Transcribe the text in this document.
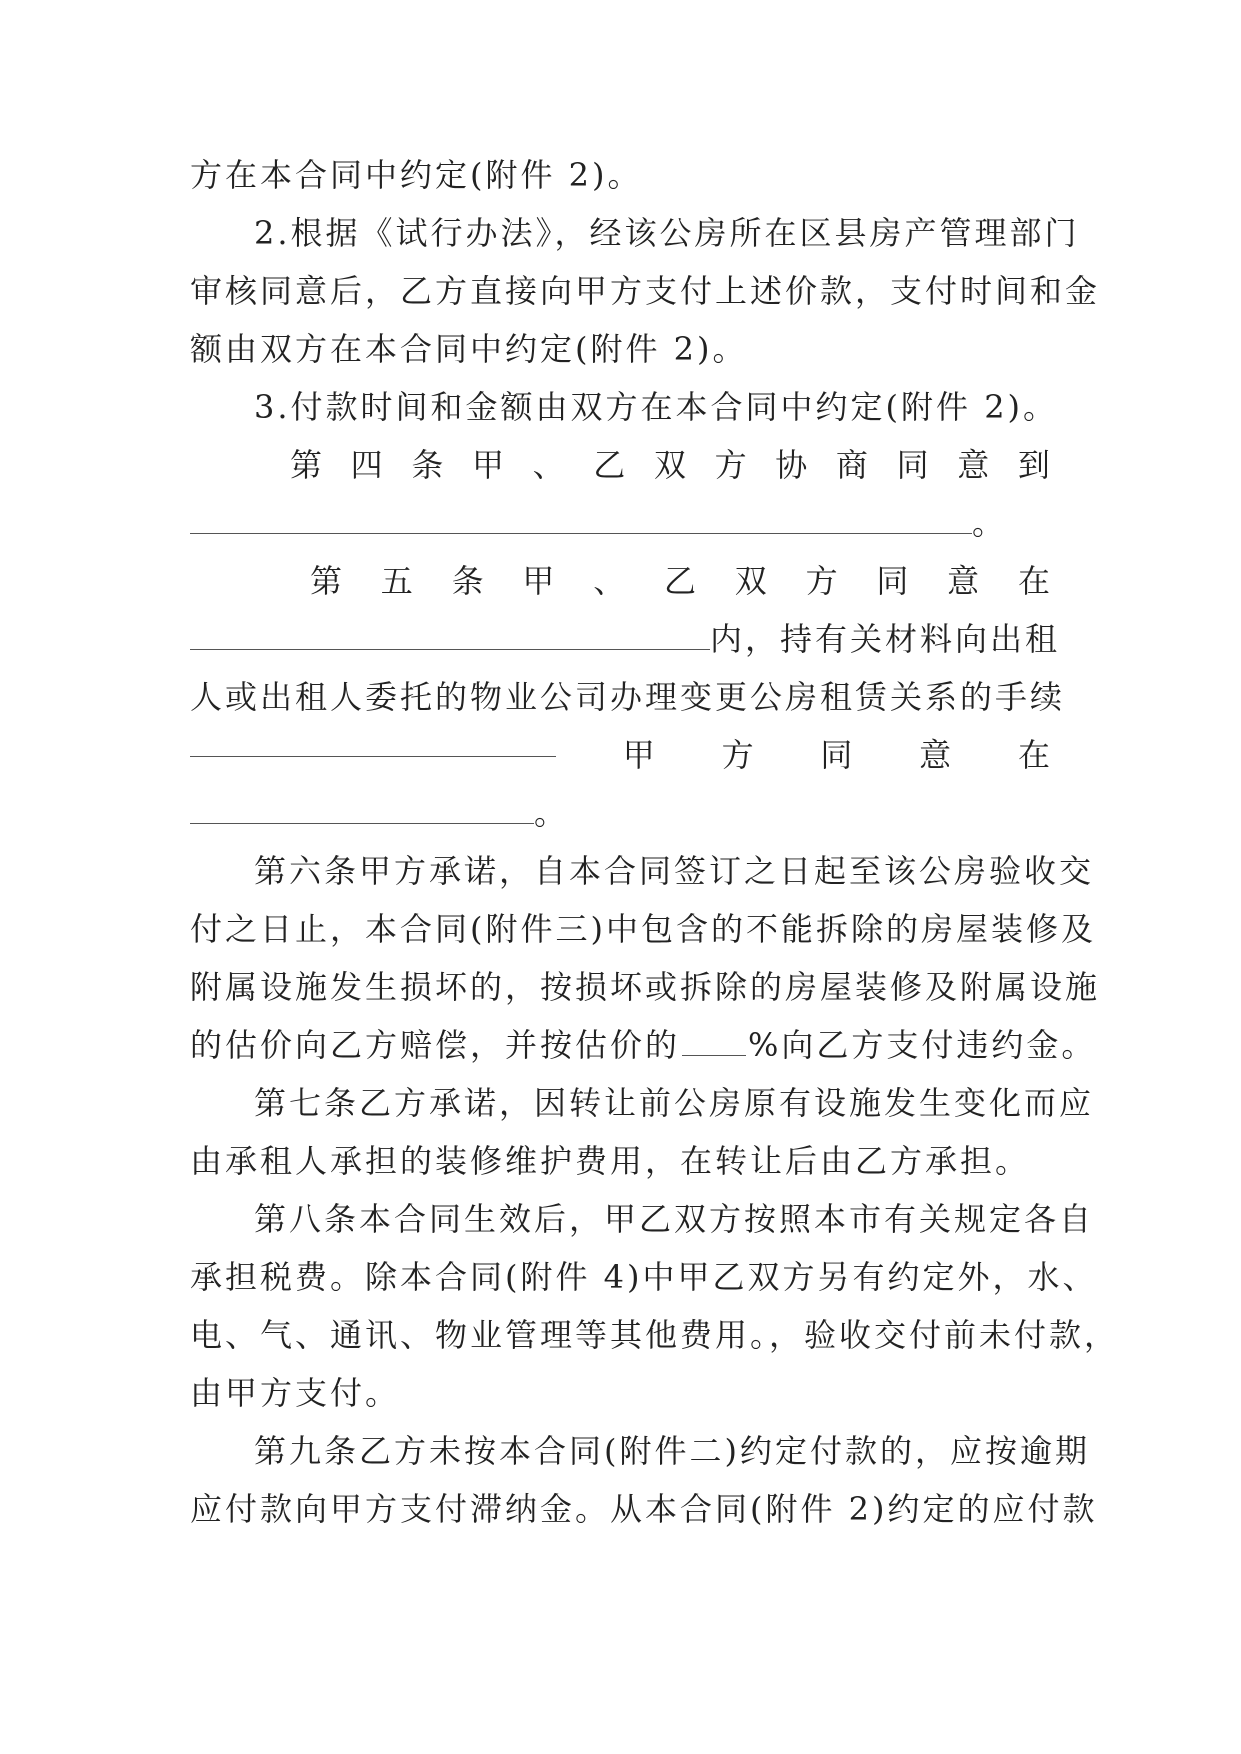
方在本合同中约定(附件 2)。
2.根据《试行办法》，经该公房所在区县房产管理部门
审核同意后，乙方直接向甲方支付上述价款，支付时间和金
额由双方在本合同中约定(附件 2)。
3.付款时间和金额由双方在本合同中约定(附件 2)。
第 四 条 甲 、 乙 双 方 协 商 同 意 到
。
第 五 条 甲 、 乙 双 方 同 意 在
内，持有关材料向出租
人或出租人委托的物业公司办理变更公房租赁关系的手续
甲 方 同 意 在
。
第六条甲方承诺，自本合同签订之日起至该公房验收交
付之日止，本合同(附件三)中包含的不能拆除的房屋装修及
附属设施发生损坏的，按损坏或拆除的房屋装修及附属设施
的估价向乙方赔偿，并按估价的 %向乙方支付违约金。
第七条乙方承诺，因转让前公房原有设施发生变化而应
由承租人承担的装修维护费用，在转让后由乙方承担。
第八条本合同生效后，甲乙双方按照本市有关规定各自
承担税费。除本合同(附件 4)中甲乙双方另有约定外，水、
电、气、通讯、物业管理等其他费用。，验收交付前未付款，
由甲方支付。
第九条乙方未按本合同(附件二)约定付款的，应按逾期
应付款向甲方支付滞纳金。从本合同(附件 2)约定的应付款
